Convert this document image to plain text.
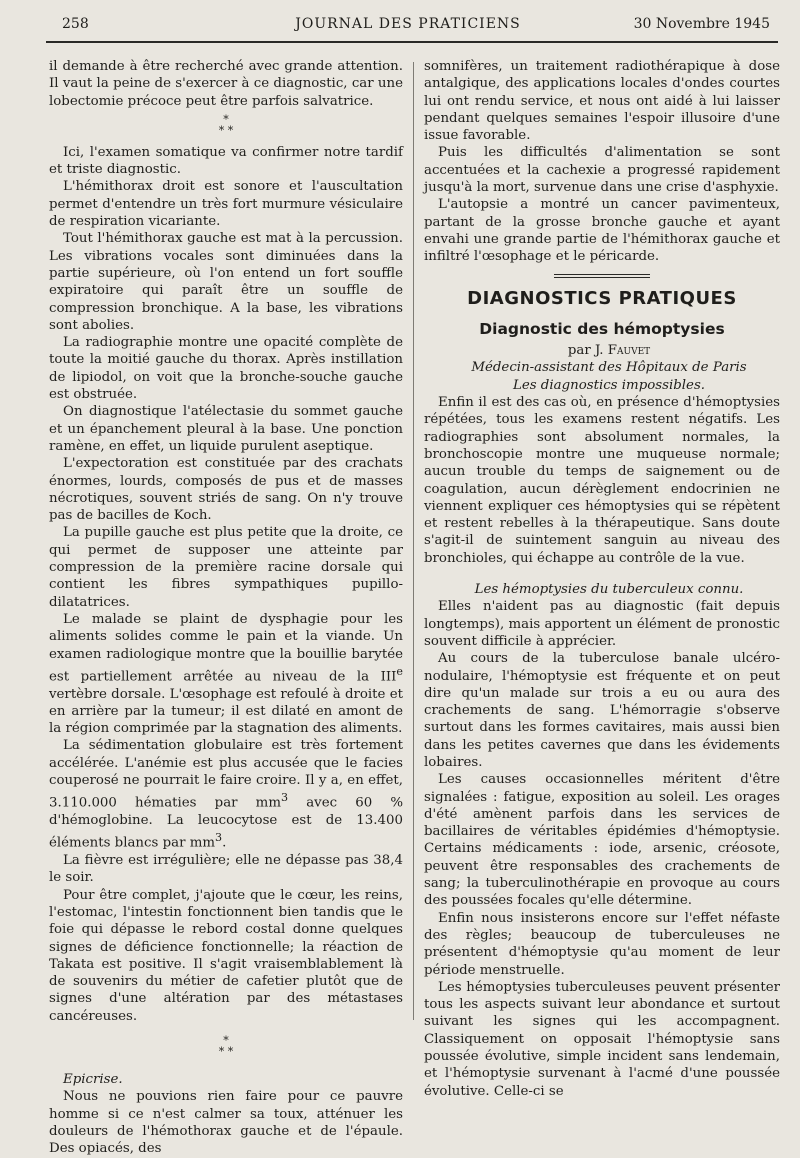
258	JOURNAL DES PRATICIENS	30 Novembre 1945

il demande à être recherché avec grande attention. Il vaut la peine de s'exercer à ce diagnostic, car une lobectomie précoce peut être parfois salvatrice.

*
* *

Ici, l'examen somatique va confirmer notre tardif et triste diagnostic.

L'hémithorax droit est sonore et l'auscultation permet d'entendre un très fort murmure vésiculaire de respiration vicariante.

Tout l'hémithorax gauche est mat à la percussion. Les vibrations vocales sont diminuées dans la partie supérieure, où l'on entend un fort souffle expiratoire qui paraît être un souffle de compression bronchique. A la base, les vibrations sont abolies.

La radiographie montre une opacité complète de toute la moitié gauche du thorax. Après instillation de lipiodol, on voit que la bronche-souche gauche est obstruée.

On diagnostique l'atélectasie du sommet gauche et un épanchement pleural à la base. Une ponction ramène, en effet, un liquide purulent aseptique.

L'expectoration est constituée par des crachats énormes, lourds, composés de pus et de masses nécrotiques, souvent striés de sang. On n'y trouve pas de bacilles de Koch.

La pupille gauche est plus petite que la droite, ce qui permet de supposer une atteinte par compression de la première racine dorsale qui contient les fibres sympathiques pupillo-dilatatrices.

Le malade se plaint de dysphagie pour les aliments solides comme le pain et la viande. Un examen radiologique montre que la bouillie barytée est partiellement arrêtée au niveau de la IIIe vertèbre dorsale. L'œsophage est refoulé à droite et en arrière par la tumeur; il est dilaté en amont de la région comprimée par la stagnation des aliments.

La sédimentation globulaire est très fortement accélérée. L'anémie est plus accusée que le facies couperosé ne pourrait le faire croire. Il y a, en effet, 3.110.000 hématies par $mm^3$ avec 60 % d'hémoglobine. La leucocytose est de 13.400 éléments blancs par $mm^3$.

La fièvre est irrégulière; elle ne dépasse pas 38,4 le soir.

Pour être complet, j'ajoute que le cœur, les reins, l'estomac, l'intestin fonctionnent bien tandis que le foie qui dépasse le rebord costal donne quelques signes de déficience fonctionnelle; la réaction de Takata est positive. Il s'agit vraisemblablement là de souvenirs du métier de cafetier plutôt que de signes d'une altération par des métastases cancéreuses.

*
* *

Epicrise.

Nous ne pouvions rien faire pour ce pauvre homme si ce n'est calmer sa toux, atténuer les douleurs de l'hémothorax gauche et de l'épaule. Des opiacés, des

somnifères, un traitement radiothérapique à dose antalgique, des applications locales d'ondes courtes lui ont rendu service, et nous ont aidé à lui laisser pendant quelques semaines l'espoir illusoire d'une issue favorable.

Puis les difficultés d'alimentation se sont accentuées et la cachexie a progressé rapidement jusqu'à la mort, survenue dans une crise d'asphyxie.

L'autopsie a montré un cancer pavimenteux, partant de la grosse bronche gauche et ayant envahi une grande partie de l'hémithorax gauche et infiltré l'œsophage et le péricarde.

DIAGNOSTICS PRATIQUES
Diagnostic des hémoptysies

par J. Fauvet

Médecin-assistant des Hôpitaux de Paris

Les diagnostics impossibles.

Enfin il est des cas où, en présence d'hémoptysies répétées, tous les examens restent négatifs. Les radiographies sont absolument normales, la bronchoscopie montre une muqueuse normale; aucun trouble du temps de saignement ou de coagulation, aucun dérèglement endocrinien ne viennent expliquer ces hémoptysies qui se répètent et restent rebelles à la thérapeutique. Sans doute s'agit-il de suintement sanguin au niveau des bronchioles, qui échappe au contrôle de la vue.

Les hémoptysies du tuberculeux connu.

Elles n'aident pas au diagnostic (fait depuis longtemps), mais apportent un élément de pronostic souvent difficile à apprécier.

Au cours de la tuberculose banale ulcéro-nodulaire, l'hémoptysie est fréquente et on peut dire qu'un malade sur trois a eu ou aura des crachements de sang. L'hémorragie s'observe surtout dans les formes cavitaires, mais aussi bien dans les petites cavernes que dans les évidements lobaires.

Les causes occasionnelles méritent d'être signalées : fatigue, exposition au soleil. Les orages d'été amènent parfois dans les services de bacillaires de véritables épidémies d'hémoptysie. Certains médicaments : iode, arsenic, créosote, peuvent être responsables des crachements de sang; la tuberculinothérapie en provoque au cours des poussées focales qu'elle détermine.

Enfin nous insisterons encore sur l'effet néfaste des règles; beaucoup de tuberculeuses ne présentent d'hémoptysie qu'au moment de leur période menstruelle.

Les hémoptysies tuberculeuses peuvent présenter tous les aspects suivant leur abondance et surtout suivant les signes qui les accompagnent. Classiquement on opposait l'hémoptysie sans poussée évolutive, simple incident sans lendemain, et l'hémoptysie survenant à l'acmé d'une poussée évolutive. Celle-ci se
